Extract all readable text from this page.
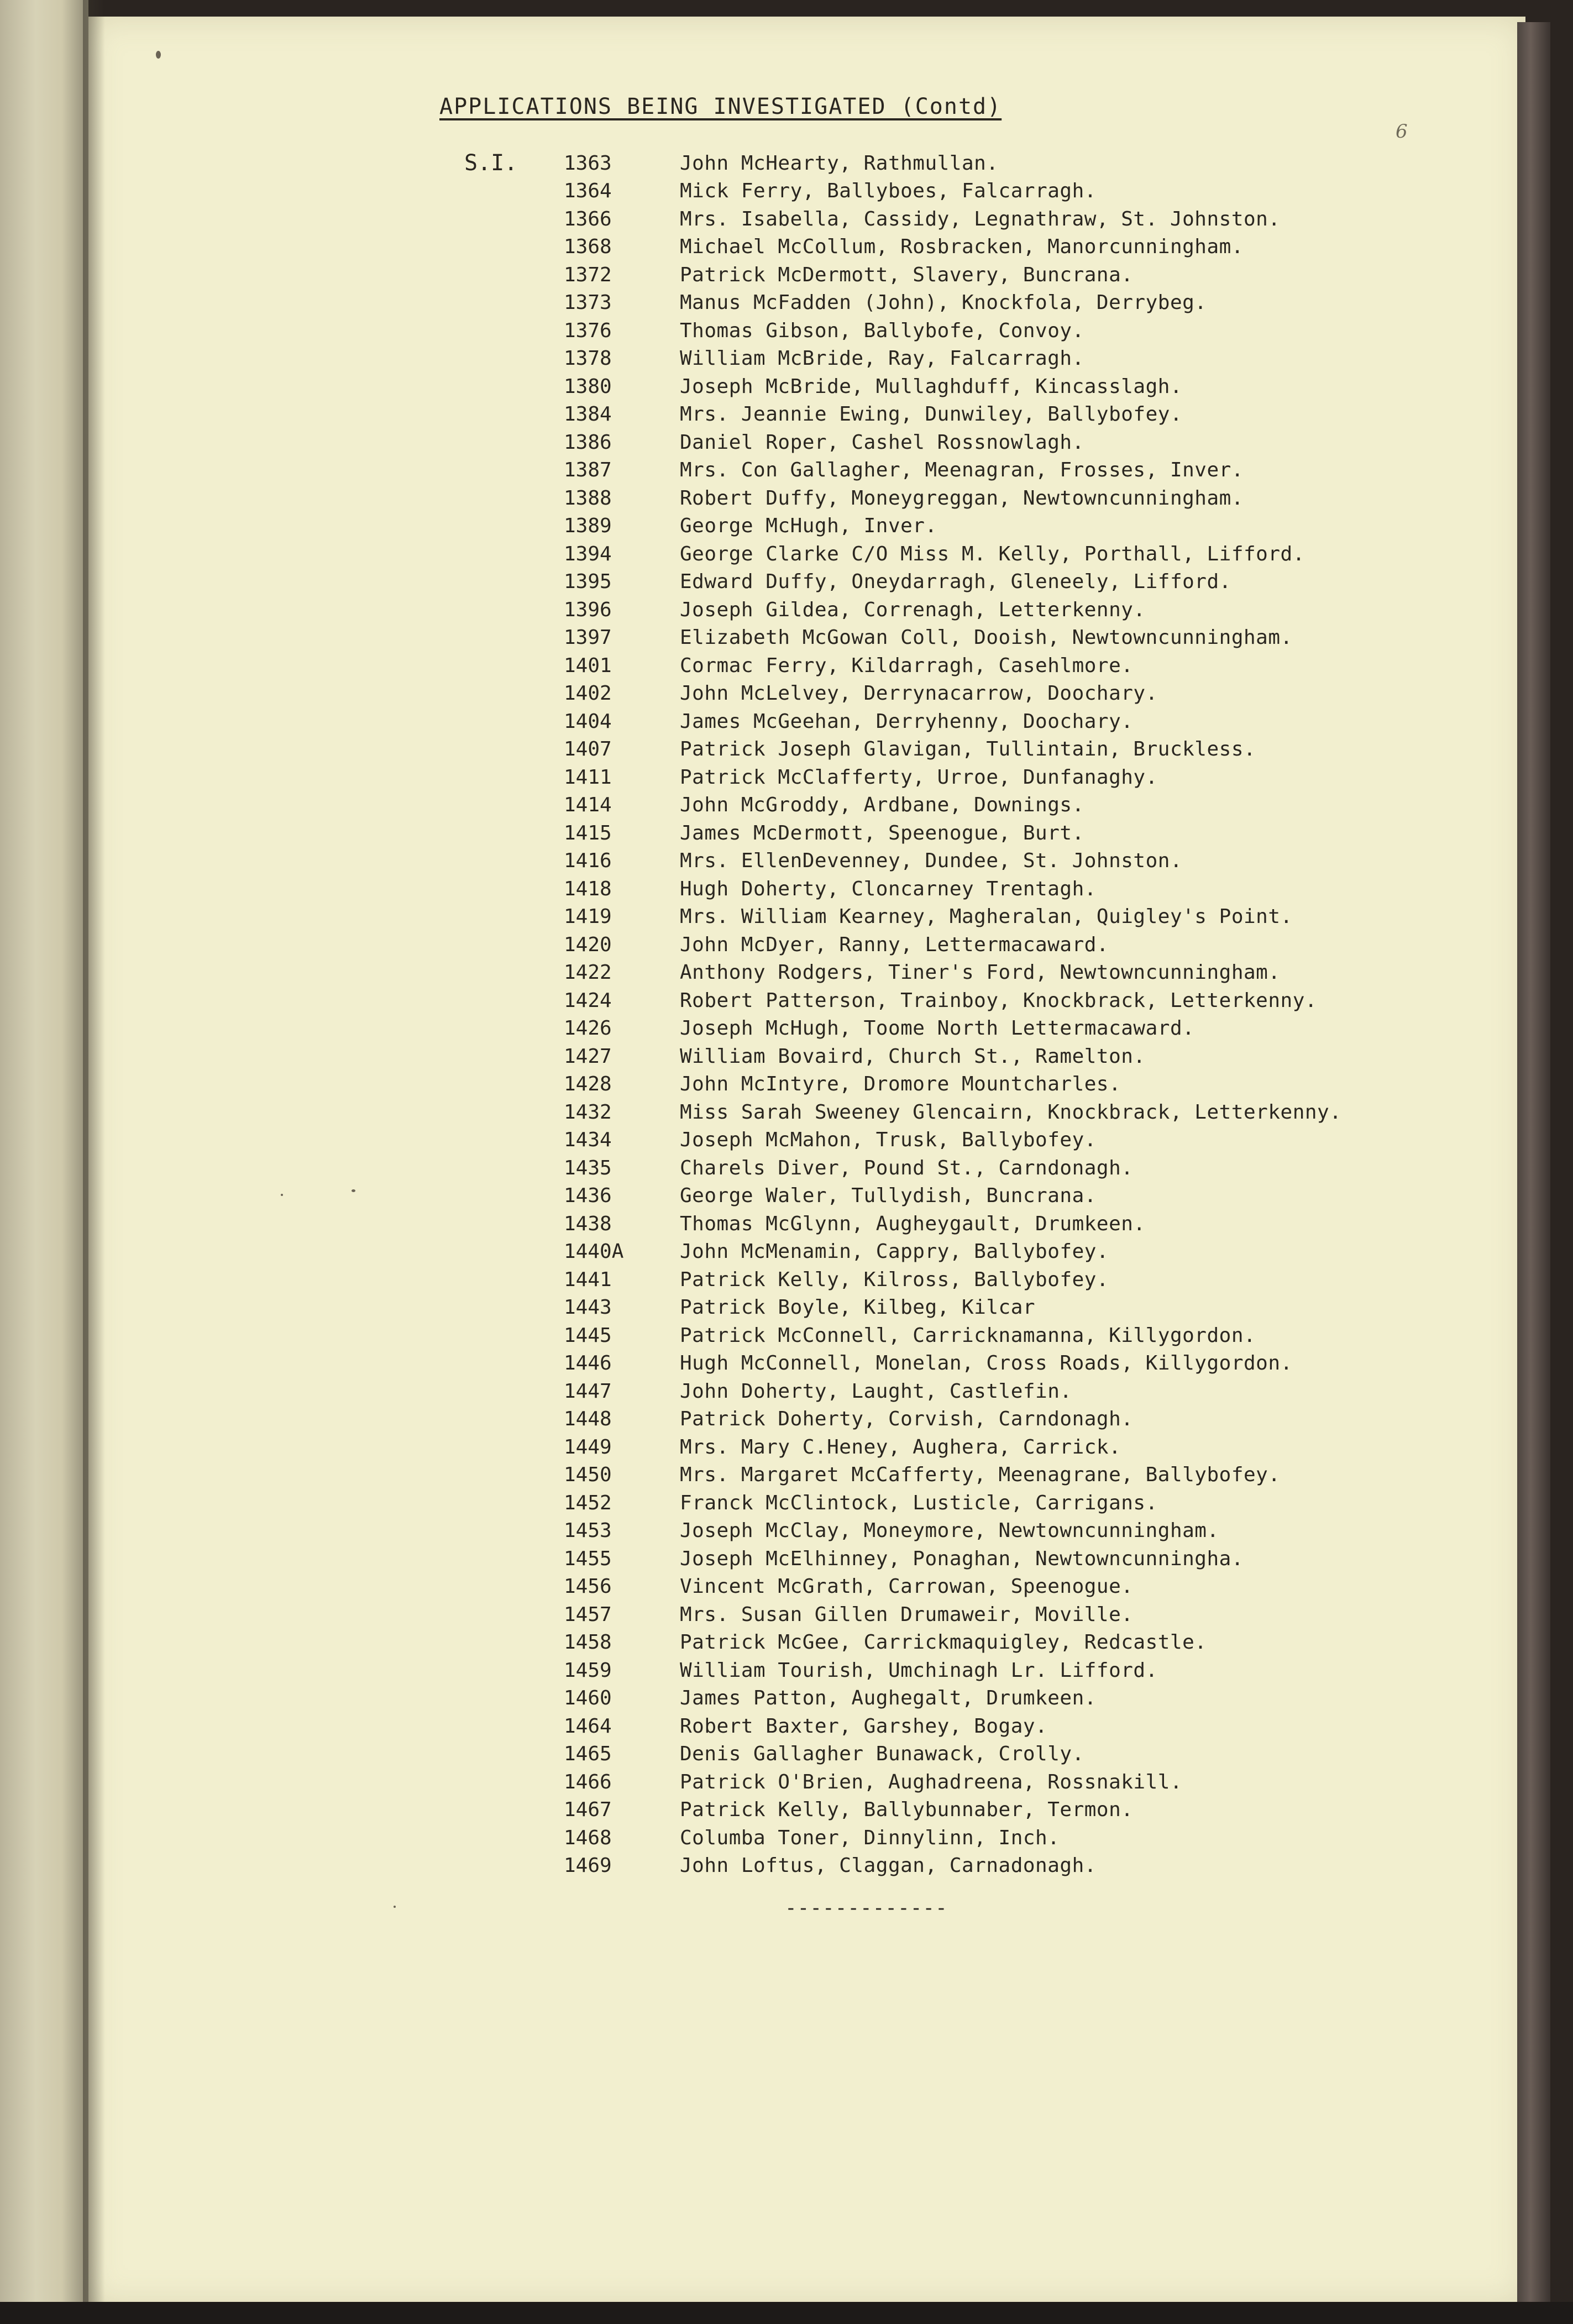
APPLICATIONS BEING INVESTIGATED (Contd)
6
S.I. 1363	John McHearty, Rathmullan.
1364	Mick Ferry, Ballyboes, Falcarragh.
1366	Mrs. Isabella, Cassidy, Legnathraw, St. Johnston.
1368	Michael McCollum, Rosbracken, Manorcunningham.
1372	Patrick McDermott, Slavery, Buncrana.
1373	Manus McFadden (John), Knockfola, Derrybeg.
1376	Thomas Gibson, Ballybofe, Convoy.
1378	William McBride, Ray, Falcarragh.
1380	Joseph McBride, Mullaghduff, Kincasslagh.
1384	Mrs. Jeannie Ewing, Dunwiley, Ballybofey.
1386	Daniel Roper, Cashel Rossnowlagh.
1387	Mrs. Con Gallagher, Meenagran, Frosses, Inver.
1388	Robert Duffy, Moneygreggan, Newtowncunningham.
1389	George McHugh, Inver.
1394	George Clarke C/O Miss M. Kelly, Porthall, Lifford.
1395	Edward Duffy, Oneydarragh, Gleneely, Lifford.
1396	Joseph Gildea, Correnagh, Letterkenny.
1397	Elizabeth McGowan Coll, Dooish, Newtowncunningham.
1401	Cormac Ferry, Kildarragh, Casehlmore.
1402	John McLelvey, Derrynacarrow, Doochary.
1404	James McGeehan, Derryhenny, Doochary.
1407	Patrick Joseph Glavigan, Tullintain, Bruckless.
1411	Patrick McClafferty, Urroe, Dunfanaghy.
1414	John McGroddy, Ardbane, Downings.
1415	James McDermott, Speenogue, Burt.
1416	Mrs. EllenDevenney, Dundee, St. Johnston.
1418	Hugh Doherty, Cloncarney Trentagh.
1419	Mrs. William Kearney, Magheralan, Quigley's Point.
1420	John McDyer, Ranny, Lettermacaward.
1422	Anthony Rodgers, Tiner's Ford, Newtowncunningham.
1424	Robert Patterson, Trainboy, Knockbrack, Letterkenny.
1426	Joseph McHugh, Toome North Lettermacaward.
1427	William Bovaird, Church St., Ramelton.
1428	John McIntyre, Dromore Mountcharles.
1432	Miss Sarah Sweeney Glencairn, Knockbrack, Letterkenny.
1434	Joseph McMahon, Trusk, Ballybofey.
1435	Charels Diver, Pound St., Carndonagh.
1436	George Waler, Tullydish, Buncrana.
1438	Thomas McGlynn, Augheygault, Drumkeen.
1440A	John McMenamin, Cappry, Ballybofey.
1441	Patrick Kelly, Kilross, Ballybofey.
1443	Patrick Boyle, Kilbeg, Kilcar
1445	Patrick McConnell, Carricknamanna, Killygordon.
1446	Hugh McConnell, Monelan, Cross Roads, Killygordon.
1447	John Doherty, Laught, Castlefin.
1448	Patrick Doherty, Corvish, Carndonagh.
1449	Mrs. Mary C.Heney, Aughera, Carrick.
1450	Mrs. Margaret McCafferty, Meenagrane, Ballybofey.
1452	Franck McClintock, Lusticle, Carrigans.
1453	Joseph McClay, Moneymore, Newtowncunningham.
1455	Joseph McElhinney, Ponaghan, Newtowncunningha.
1456	Vincent McGrath, Carrowan, Speenogue.
1457	Mrs. Susan Gillen Drumaweir, Moville.
1458	Patrick McGee, Carrickmaquigley, Redcastle.
1459	William Tourish, Umchinagh Lr. Lifford.
1460	James Patton, Aughegalt, Drumkeen.
1464	Robert Baxter, Garshey, Bogay.
1465	Denis Gallagher Bunawack, Crolly.
1466	Patrick O'Brien, Aughadreena, Rossnakill.
1467	Patrick Kelly, Ballybunnaber, Termon.
1468	Columba Toner, Dinnylinn, Inch.
1469	John Loftus, Claggan, Carnadonagh.
-------------
